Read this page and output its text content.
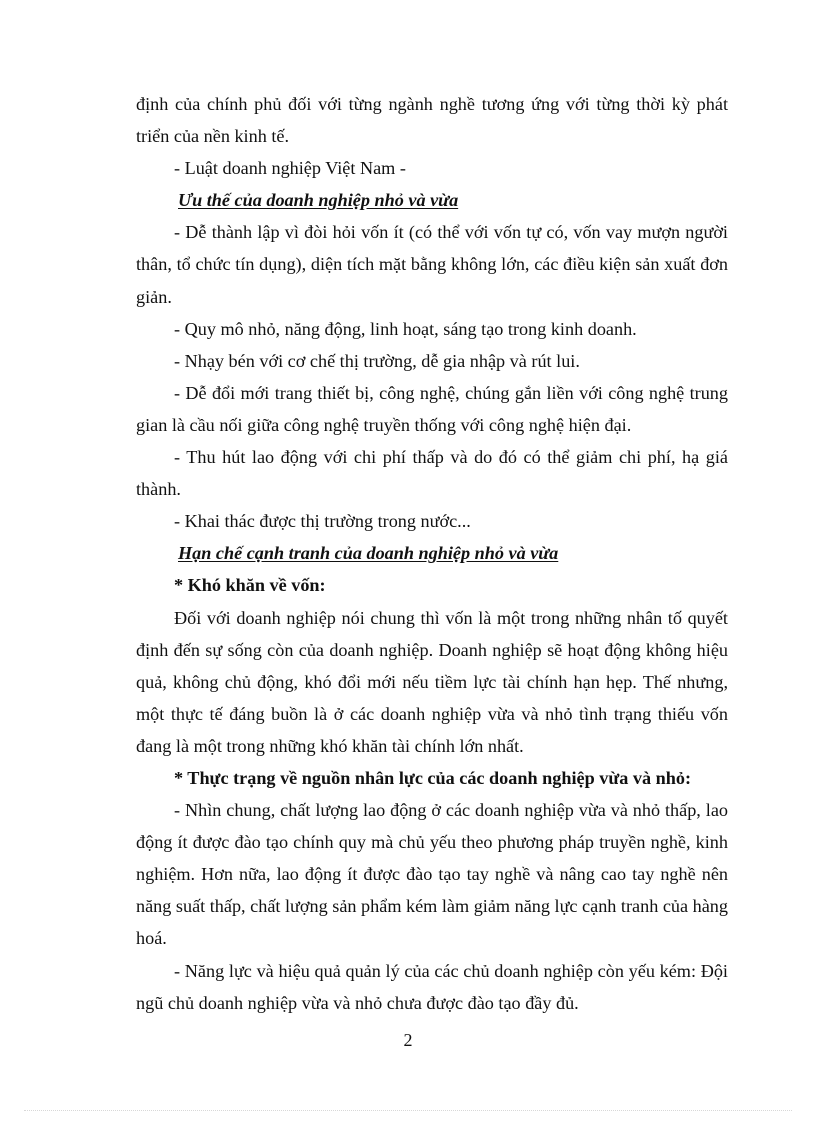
định của chính phủ đối với từng ngành nghề tương ứng với từng thời kỳ phát triển của nền kinh tế.

- Luật doanh nghiệp Việt Nam -

Ưu thế của doanh nghiệp nhỏ và vừa

- Dễ thành lập vì đòi hỏi vốn ít (có thể với vốn tự có, vốn vay mượn người thân, tổ chức tín dụng), diện tích mặt bằng không lớn, các điều kiện sản xuất đơn giản.

- Quy mô nhỏ, năng động, linh hoạt, sáng tạo trong kinh doanh.

- Nhạy bén với cơ chế thị trường, dễ gia nhập và rút lui.

- Dễ đổi mới trang thiết bị, công nghệ, chúng gắn liền với công nghệ trung gian là cầu nối giữa công nghệ truyền thống với công nghệ hiện đại.

- Thu hút lao động với chi phí thấp và do đó có thể giảm chi phí, hạ giá thành.

- Khai thác được thị trường trong nước...

Hạn chế cạnh tranh của doanh nghiệp nhỏ và vừa

* Khó khăn về vốn:

Đối với doanh nghiệp nói chung thì vốn là một trong những nhân tố quyết định đến sự sống còn của doanh nghiệp. Doanh nghiệp sẽ hoạt động không hiệu quả, không chủ động, khó đổi mới nếu tiềm lực tài chính hạn hẹp. Thế nhưng, một thực tế đáng buồn là ở các doanh nghiệp vừa và nhỏ tình trạng thiếu vốn đang là một trong những khó khăn tài chính lớn nhất.

* Thực trạng về nguồn nhân lực của các doanh nghiệp vừa và nhỏ:

- Nhìn chung, chất lượng lao động ở các doanh nghiệp vừa và nhỏ thấp, lao động ít được đào tạo chính quy mà chủ yếu theo phương pháp truyền nghề, kinh nghiệm. Hơn nữa, lao động ít được đào tạo tay nghề và nâng cao tay nghề nên năng suất thấp, chất lượng sản phẩm kém làm giảm năng lực cạnh tranh của hàng hoá.

- Năng lực và hiệu quả quản lý của các chủ doanh nghiệp còn yếu kém: Đội ngũ chủ doanh nghiệp vừa và nhỏ chưa được đào tạo đầy đủ.

2
